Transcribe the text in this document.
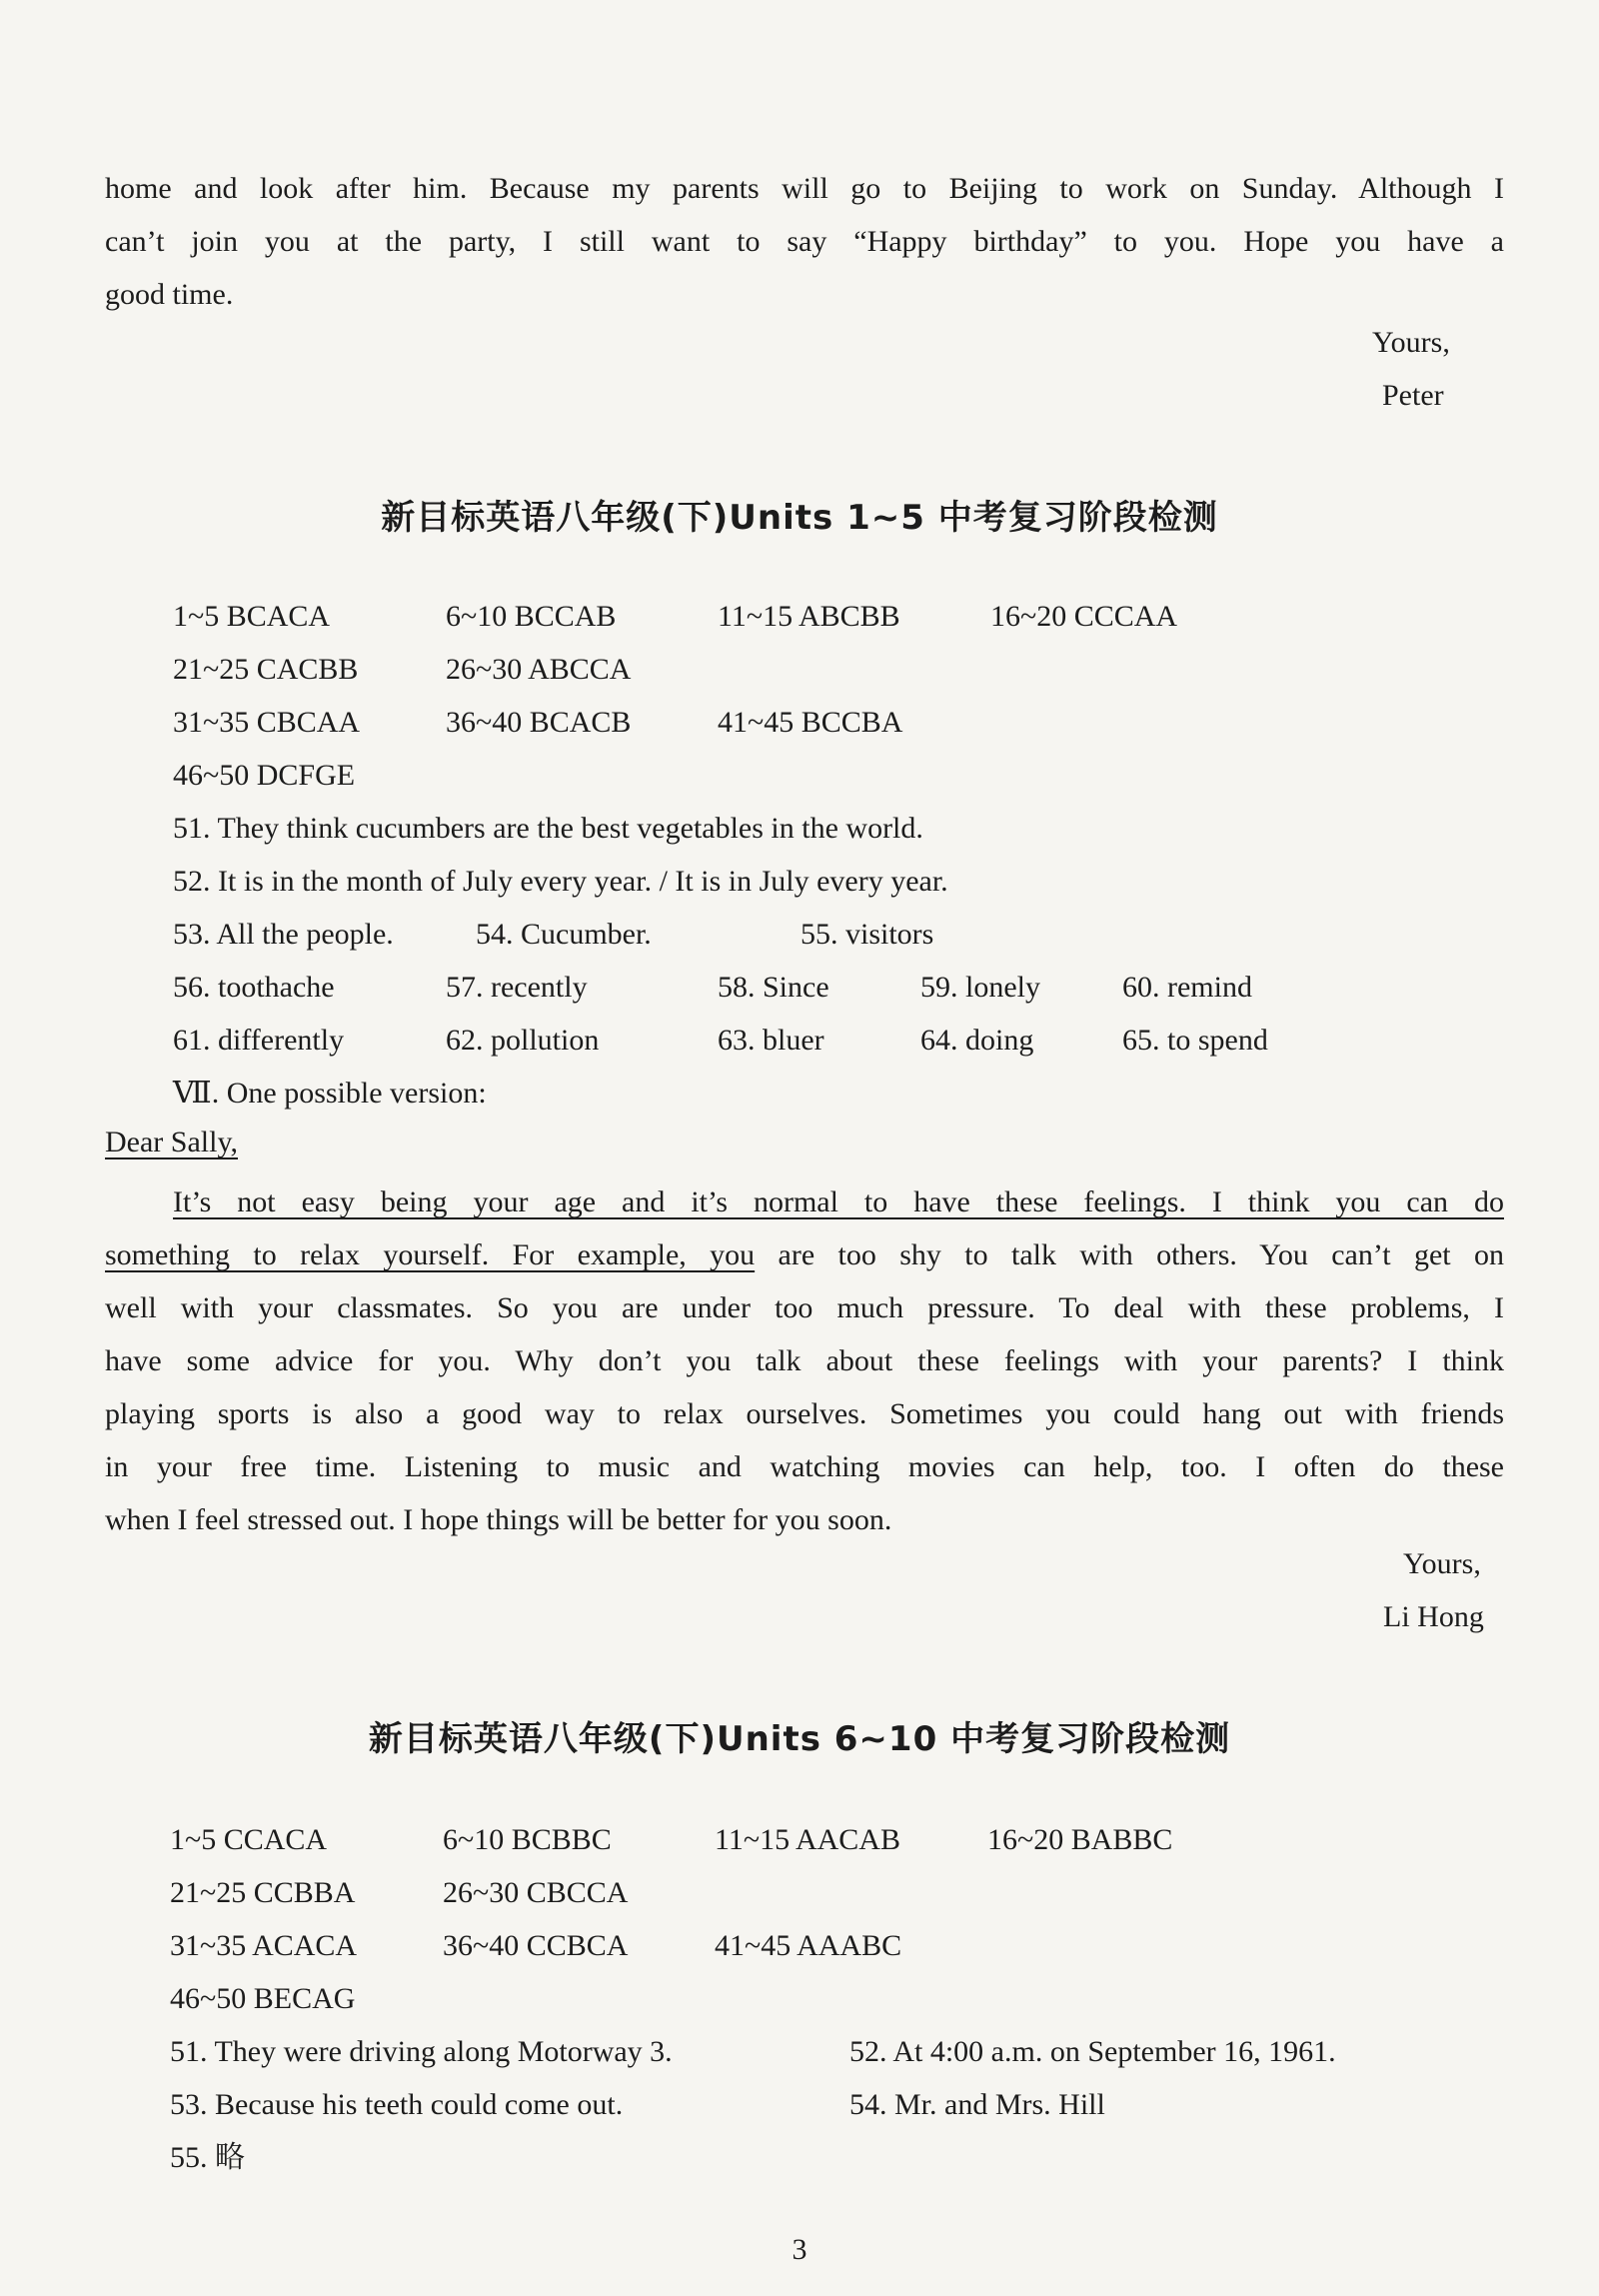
home and look after him. Because my parents will go to Beijing to work on Sunday. Although I
can’t join you at the party, I still want to say “Happy birthday” to you. Hope you have a
good time.

Yours,

Peter

新目标英语八年级(下)Units 1~5 中考复习阶段检测

1~5 BCACA	6~10 BCCAB	11~15 ABCBB	16~20 CCCAA
21~25 CACBB	26~30 ABCCA
31~35 CBCAA	36~40 BCACB	41~45 BCCBA
46~50 DCFGE
51. They think cucumbers are the best vegetables in the world.
52. It is in the month of July every year. / It is in July every year.
53. All the people.	54. Cucumber.	55. visitors
56. toothache	57. recently	58. Since	59. lonely	60. remind
61. differently	62. pollution	63. bluer	64. doing	65. to spend
Ⅶ. One possible version:

Dear Sally,

It’s not easy being your age and it’s normal to have these feelings. I think you can do
something to relax yourself. For example, you are too shy to talk with others. You can’t get on
well with your classmates. So you are under too much pressure. To deal with these problems, I
have some advice for you. Why don’t you talk about these feelings with your parents? I think
playing sports is also a good way to relax ourselves. Sometimes you could hang out with friends
in your free time. Listening to music and watching movies can help, too. I often do these
when I feel stressed out. I hope things will be better for you soon.

Yours,

Li Hong

新目标英语八年级(下)Units 6~10 中考复习阶段检测

1~5 CCACA	6~10 BCBBC	11~15 AACAB	16~20 BABBC
21~25 CCBBA	26~30 CBCCA
31~35 ACACA	36~40 CCBCA	41~45 AAABC
46~50 BECAG
51. They were driving along Motorway 3.	52. At 4:00 a.m. on September 16, 1961.
53. Because his teeth could come out.	54. Mr. and Mrs. Hill
55. 略

3
